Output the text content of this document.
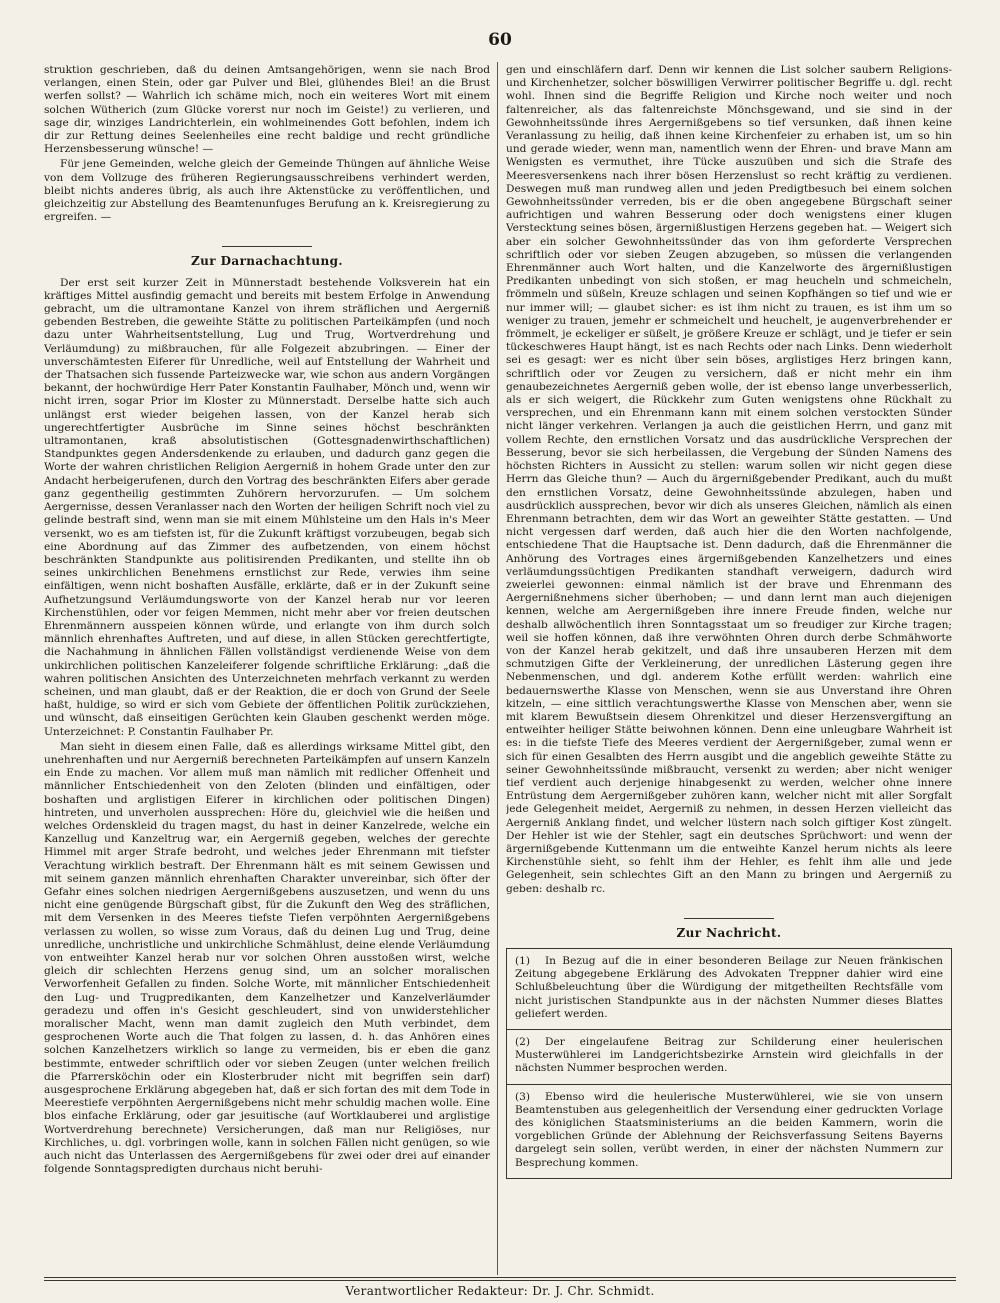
60

struktion geschrieben, daß du deinen Amtsangehörigen, wenn sie nach Brod verlangen, einen Stein, oder gar Pulver und Blei, glühendes Blei! an die Brust werfen sollst? — Wahrlich ich schäme mich, noch ein weiteres Wort mit einem solchen Wütherich (zum Glücke vorerst nur noch im Geiste!) zu verlieren, und sage dir, winziges Landrichterlein, ein wohlmeinendes Gott befohlen, indem ich dir zur Rettung deines Seelenheiles eine recht baldige und recht gründliche Herzensbesserung wünsche! —

Für jene Gemeinden, welche gleich der Gemeinde Thüngen auf ähnliche Weise von dem Vollzuge des früheren Regierungsausschreibens verhindert werden, bleibt nichts anderes übrig, als auch ihre Aktenstücke zu veröffentlichen, und gleichzeitig zur Abstellung des Beamtenunfuges Berufung an k. Kreisregierung zu ergreifen. —

Zur Darnachachtung.

Der erst seit kurzer Zeit in Münnerstadt bestehende Volksverein hat ein kräftiges Mittel ausfindig gemacht und bereits mit bestem Erfolge in Anwendung gebracht, um die ultramontane Kanzel von ihrem sträflichen und Aergerniß gebenden Bestreben, die geweihte Stätte zu politischen Parteikämpfen (und noch dazu unter Wahrheitsentstellung, Lug und Trug, Wortverdrehung und Verläumdung) zu mißbrauchen, für alle Folgezeit abzubringen. — Einer der unverschämtesten Eiferer für Unredliche, weil auf Entstellung der Wahrheit und der Thatsachen sich fussende Parteizwecke war, wie schon aus andern Vorgängen bekannt, der hochwürdige Herr Pater Konstantin Faulhaber, Mönch und, wenn wir nicht irren, sogar Prior im Kloster zu Münnerstadt. Derselbe hatte sich auch unlängst erst wieder beigehen lassen, von der Kanzel herab sich ungerechtfertigter Ausbrüche im Sinne seines höchst beschränkten ultramontanen, kraß absolutistischen (Gottesgnadenwirthschaftlichen) Standpunktes gegen Andersdenkende zu erlauben, und dadurch ganz gegen die Worte der wahren christlichen Religion Aergerniß in hohem Grade unter den zur Andacht herbeigerufenen, durch den Vortrag des beschränkten Eifers aber gerade ganz gegentheilig gestimmten Zuhörern hervorzurufen. — Um solchem Aergernisse, dessen Veranlasser nach den Worten der heiligen Schrift noch viel zu gelinde bestraft sind, wenn man sie mit einem Mühlsteine um den Hals in's Meer versenkt, wo es am tiefsten ist, für die Zukunft kräftigst vorzubeugen, begab sich eine Abordnung auf das Zimmer des aufbetzenden, von einem höchst beschränkten Standpunkte aus politisirenden Predikanten, und stellte ihn ob seines unkirchlichen Benehmens ernstlichst zur Rede, verwies ihm seine einfältigen, wenn nicht boshaften Ausfälle, erklärte, daß er in der Zukunft seine Aufhetzungsund Verläumdungsworte von der Kanzel herab nur vor leeren Kirchenstühlen, oder vor feigen Memmen, nicht mehr aber vor freien deutschen Ehrenmännern ausspeien können würde, und erlangte von ihm durch solch männlich ehrenhaftes Auftreten, und auf diese, in allen Stücken gerechtfertigte, die Nachahmung in ähnlichen Fällen vollständigst verdienende Weise von dem unkirchlichen politischen Kanzeleiferer folgende schriftliche Erklärung: „daß die wahren politischen Ansichten des Unterzeichneten mehrfach verkannt zu werden scheinen, und man glaubt, daß er der Reaktion, die er doch von Grund der Seele haßt, huldige, so wird er sich vom Gebiete der öffentlichen Politik zurückziehen, und wünscht, daß einseitigen Gerüchten kein Glauben geschenkt werden möge. Unterzeichnet: P. Constantin Faulhaber Pr.

Man sieht in diesem einen Falle, daß es allerdings wirksame Mittel gibt, den unehrenhaften und nur Aergerniß berechneten Parteikämpfen auf unsern Kanzeln ein Ende zu machen. Vor allem muß man nämlich mit redlicher Offenheit und männlicher Entschiedenheit von den Zeloten (blinden und einfältigen, oder boshaften und arglistigen Eiferer in kirchlichen oder politischen Dingen) hintreten, und unverholen aussprechen: Höre du, gleichviel wie die heißen und welches Ordenskleid du tragen magst, du hast in deiner Kanzelrede, welche ein Kanzellug und Kanzeltrug war, ein Aergerniß gegeben, welches der gerechte Himmel mit arger Strafe bedroht, und welches jeder Ehrenmann mit tiefster Verachtung wirklich bestraft. Der Ehrenmann hält es mit seinem Gewissen und mit seinem ganzen männlich ehrenhaften Charakter unvereinbar, sich öfter der Gefahr eines solchen niedrigen Aergernißgebens auszusetzen, und wenn du uns nicht eine genügende Bürgschaft gibst, für die Zukunft den Weg des sträflichen, mit dem Versenken in des Meeres tiefste Tiefen verpöhnten Aergernißgebens verlassen zu wollen, so wisse zum Voraus, daß du deinen Lug und Trug, deine unredliche, unchristliche und unkirchliche Schmählust, deine elende Verläumdung von entweihter Kanzel herab nur vor solchen Ohren ausstoßen wirst, welche gleich dir schlechten Herzens genug sind, um an solcher moralischen Verworfenheit Gefallen zu finden. Solche Worte, mit männlicher Entschiedenheit den Lug- und Trugpredikanten, dem Kanzelhetzer und Kanzelverläumder geradezu und offen in's Gesicht geschleudert, sind von unwiderstehlicher moralischer Macht, wenn man damit zugleich den Muth verbindet, dem gesprochenen Worte auch die That folgen zu lassen, d. h. das Anhören eines solchen Kanzelhetzers wirklich so lange zu vermeiden, bis er eben die ganz bestimmte, entweder schriftlich oder vor sieben Zeugen (unter welchen freilich die Pfarrersköchin oder ein Klosterbruder nicht mit begriffen sein darf) ausgesprochene Erklärung abgegeben hat, daß er sich fortan des mit dem Tode in Meerestiefe verpöhnten Aergernißgebens nicht mehr schuldig machen wolle. Eine blos einfache Erklärung, oder gar jesuitische (auf Wortklauberei und arglistige Wortverdrehung berechnete) Versicherungen, daß man nur Religiöses, nur Kirchliches, u. dgl. vorbringen wolle, kann in solchen Fällen nicht genügen, so wie auch nicht das Unterlassen des Aergernißgebens für zwei oder drei auf einander folgende Sonntagspredigten durchaus nicht beruhi-

gen und einschläfern darf. Denn wir kennen die List solcher saubern Religions- und Kirchenhetzer, solcher böswilligen Verwirrer politischer Begriffe u. dgl. recht wohl. Ihnen sind die Begriffe Religion und Kirche noch weiter und noch faltenreicher, als das faltenreichste Mönchsgewand, und sie sind in der Gewohnheitssünde ihres Aergernißgebens so tief versunken, daß ihnen keine Veranlassung zu heilig, daß ihnen keine Kirchenfeier zu erhaben ist, um so hin und gerade wieder, wenn man, namentlich wenn der Ehren- und brave Mann am Wenigsten es vermuthet, ihre Tücke auszuüben und sich die Strafe des Meeresversenkens nach ihrer bösen Herzenslust so recht kräftig zu verdienen. Deswegen muß man rundweg allen und jeden Predigtbesuch bei einem solchen Gewohnheitssünder verrеden, bis er die oben angegebene Bürgschaft seiner aufrichtigen und wahren Besserung oder doch wenigstens einer klugen Verstecktung seines bösen, ärgernißlustigen Herzens gegeben hat. — Weigert sich aber ein solcher Gewohnheitssünder das von ihm geforderte Versprechen schriftlich oder vor sieben Zeugen abzugeben, so müssen die verlangenden Ehrenmänner auch Wort halten, und die Kanzelworte des ärgernißlustigen Predikanten unbedingt von sich stoßen, er mag heucheln und schmeicheln, frömmeln und süßeln, Kreuze schlagen und seinen Kopfhängen so tief und wie er nur immer will; — glaubet sicher: es ist ihm nicht zu trauen, es ist ihm um so weniger zu trauen, jemehr er schmeichelt und heuchelt, je augenverbrehender er frömmelt, je eckeliger er süßelt, je größere Kreuze er schlägt, und je tiefer er sein tückeschweres Haupt hängt, ist es nach Rechts oder nach Links. Denn wiederholt sei es gesagt: wer es nicht über sein böses, arglistiges Herz bringen kann, schriftlich oder vor Zeugen zu versichern, daß er nicht mehr ein ihm genaubezeichnetes Aergerniß geben wolle, der ist ebenso lange unverbesserlich, als er sich weigert, die Rückkehr zum Guten wenigstens ohne Rückhalt zu versprechen, und ein Ehrenmann kann mit einem solchen verstockten Sünder nicht länger verkehren. Verlangen ja auch die geistlichen Herrn, und ganz mit vollem Rechte, den ernstlichen Vorsatz und das ausdrückliche Versprechen der Besserung, bevor sie sich herbeilassen, die Vergebung der Sünden Namens des höchsten Richters in Aussicht zu stellen: warum sollen wir nicht gegen diese Herrn das Gleiche thun? — Auch du ärgernißgebender Predikant, auch du mußt den ernstlichen Vorsatz, deine Gewohnheitssünde abzulegen, haben und ausdrücklich aussprechen, bevor wir dich als unseres Gleichen, nämlich als einen Ehrenmann betrachten, dem wir das Wort an geweihter Stätte gestatten. — Und nicht vergessen darf werden, daß auch hier die den Worten nachfolgende, entschiedene That die Hauptsache ist. Denn dadurch, daß die Ehrenmänner die Anhörung des Vortrages eines ärgernißgebenden Kanzelhetzers und eines verläumdungssüchtigen Predikanten standhaft verweigern, dadurch wird zweierlei gewonnen: einmal nämlich ist der brave und Ehrenmann des Aergernißnehmens sicher überhoben; — und dann lernt man auch diejenigen kennen, welche am Aergernißgeben ihre innere Freude finden, welche nur deshalb allwöchentlich ihren Sonntagsstaat um so freudiger zur Kirche tragen; weil sie hoffen können, daß ihre verwöhnten Ohren durch derbe Schmähworte von der Kanzel herab gekitzelt, und daß ihre unsauberen Herzen mit dem schmutzigen Gifte der Verkleinerung, der unredlichen Lästerung gegen ihre Nebenmenschen, und dgl. anderem Kothe erfüllt werden: wahrlich eine bedauernswerthe Klasse von Menschen, wenn sie aus Unverstand ihre Ohren kitzeln, — eine sittlich verachtungswerthe Klasse von Menschen aber, wenn sie mit klarem Bewußtsein diesem Ohrenkitzel und dieser Herzensvergiftung an entweihter heiliger Stätte beiwohnen können. Denn eine unleugbare Wahrheit ist es: in die tiefste Tiefe des Meeres verdient der Aergernißgeber, zumal wenn er sich für einen Gesalbten des Herrn ausgibt und die angeblich geweihte Stätte zu seiner Gewohnheitssünde mißbraucht, versenkt zu werden; aber nicht weniger tief verdient auch derjenige hinabgesenkt zu werden, welcher ohne innere Entrüstung dem Aergernißgeber zuhören kann, welcher nicht mit aller Sorgfalt jede Gelegenheit meidet, Aergerniß zu nehmen, in dessen Herzen vielleicht das Aergerniß Anklang findet, und welcher lüstern nach solch giftiger Kost züngelt. Der Hehler ist wie der Stehler, sagt ein deutsches Sprüchwort: und wenn der ärgernißgebende Kuttenmann um die entweihte Kanzel herum nichts als leere Kirchenstühle sieht, so fehlt ihm der Hehler, es fehlt ihm alle und jede Gelegenheit, sein schlechtes Gift an den Mann zu bringen und Aergerniß zu geben: deshalb rc.

Zur Nachricht.

(1) In Bezug auf die in einer besonderen Beilage zur Neuen fränkischen Zeitung abgegebene Erklärung des Advokaten Treppner dahier wird eine Schlußbeleuchtung über die Würdigung der mitgetheilten Rechtsfälle vom nicht juristischen Standpunkte aus in der nächsten Nummer dieses Blattes geliefert werden.

(2) Der eingelaufene Beitrag zur Schilderung einer heulerischen Musterwühlerei im Landgerichtsbezirke Arnstein wird gleichfalls in der nächsten Nummer besprochen werden.

(3) Ebenso wird die heulerische Musterwühlerei, wie sie von unsern Beamtenstuben aus gelegenheitlich der Versendung einer gedruckten Vorlage des königlichen Staatsministeriums an die beiden Kammern, worin die vorgeblichen Gründe der Ablehnung der Reichsverfassung Seitens Bayerns dargelegt sein sollen, verübt werden, in einer der nächsten Nummern zur Besprechung kommen.

Verantwortlicher Redakteur: Dr. J. Chr. Schmidt.
